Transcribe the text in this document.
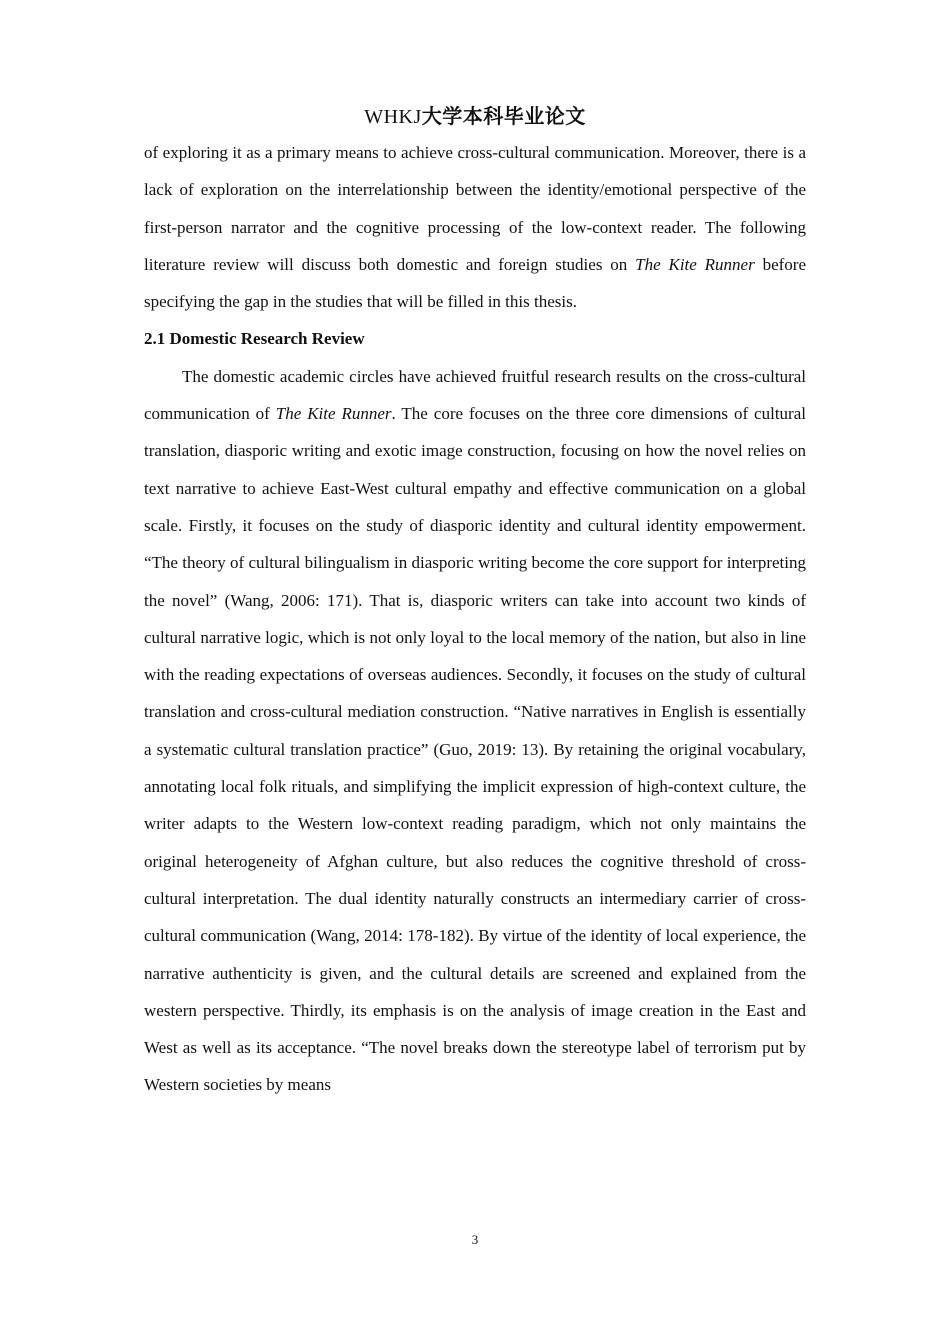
WHKJ大学本科毕业论文

of exploring it as a primary means to achieve cross-cultural communication. Moreover, there is a lack of exploration on the interrelationship between the identity/emotional perspective of the first-person narrator and the cognitive processing of the low-context reader. The following literature review will discuss both domestic and foreign studies on The Kite Runner before specifying the gap in the studies that will be filled in this thesis.

2.1 Domestic Research Review

The domestic academic circles have achieved fruitful research results on the cross-cultural communication of The Kite Runner. The core focuses on the three core dimensions of cultural translation, diasporic writing and exotic image construction, focusing on how the novel relies on text narrative to achieve East-West cultural empathy and effective communication on a global scale. Firstly, it focuses on the study of diasporic identity and cultural identity empowerment. “The theory of cultural bilingualism in diasporic writing become the core support for interpreting the novel” (Wang, 2006: 171). That is, diasporic writers can take into account two kinds of cultural narrative logic, which is not only loyal to the local memory of the nation, but also in line with the reading expectations of overseas audiences. Secondly, it focuses on the study of cultural translation and cross-cultural mediation construction. “Native narratives in English is essentially a systematic cultural translation practice” (Guo, 2019: 13). By retaining the original vocabulary, annotating local folk rituals, and simplifying the implicit expression of high-context culture, the writer adapts to the Western low-context reading paradigm, which not only maintains the original heterogeneity of Afghan culture, but also reduces the cognitive threshold of cross-cultural interpretation. The dual identity naturally constructs an intermediary carrier of cross-cultural communication (Wang, 2014: 178-182). By virtue of the identity of local experience, the narrative authenticity is given, and the cultural details are screened and explained from the western perspective. Thirdly, its emphasis is on the analysis of image creation in the East and West as well as its acceptance. “The novel breaks down the stereotype label of terrorism put by Western societies by means

3
